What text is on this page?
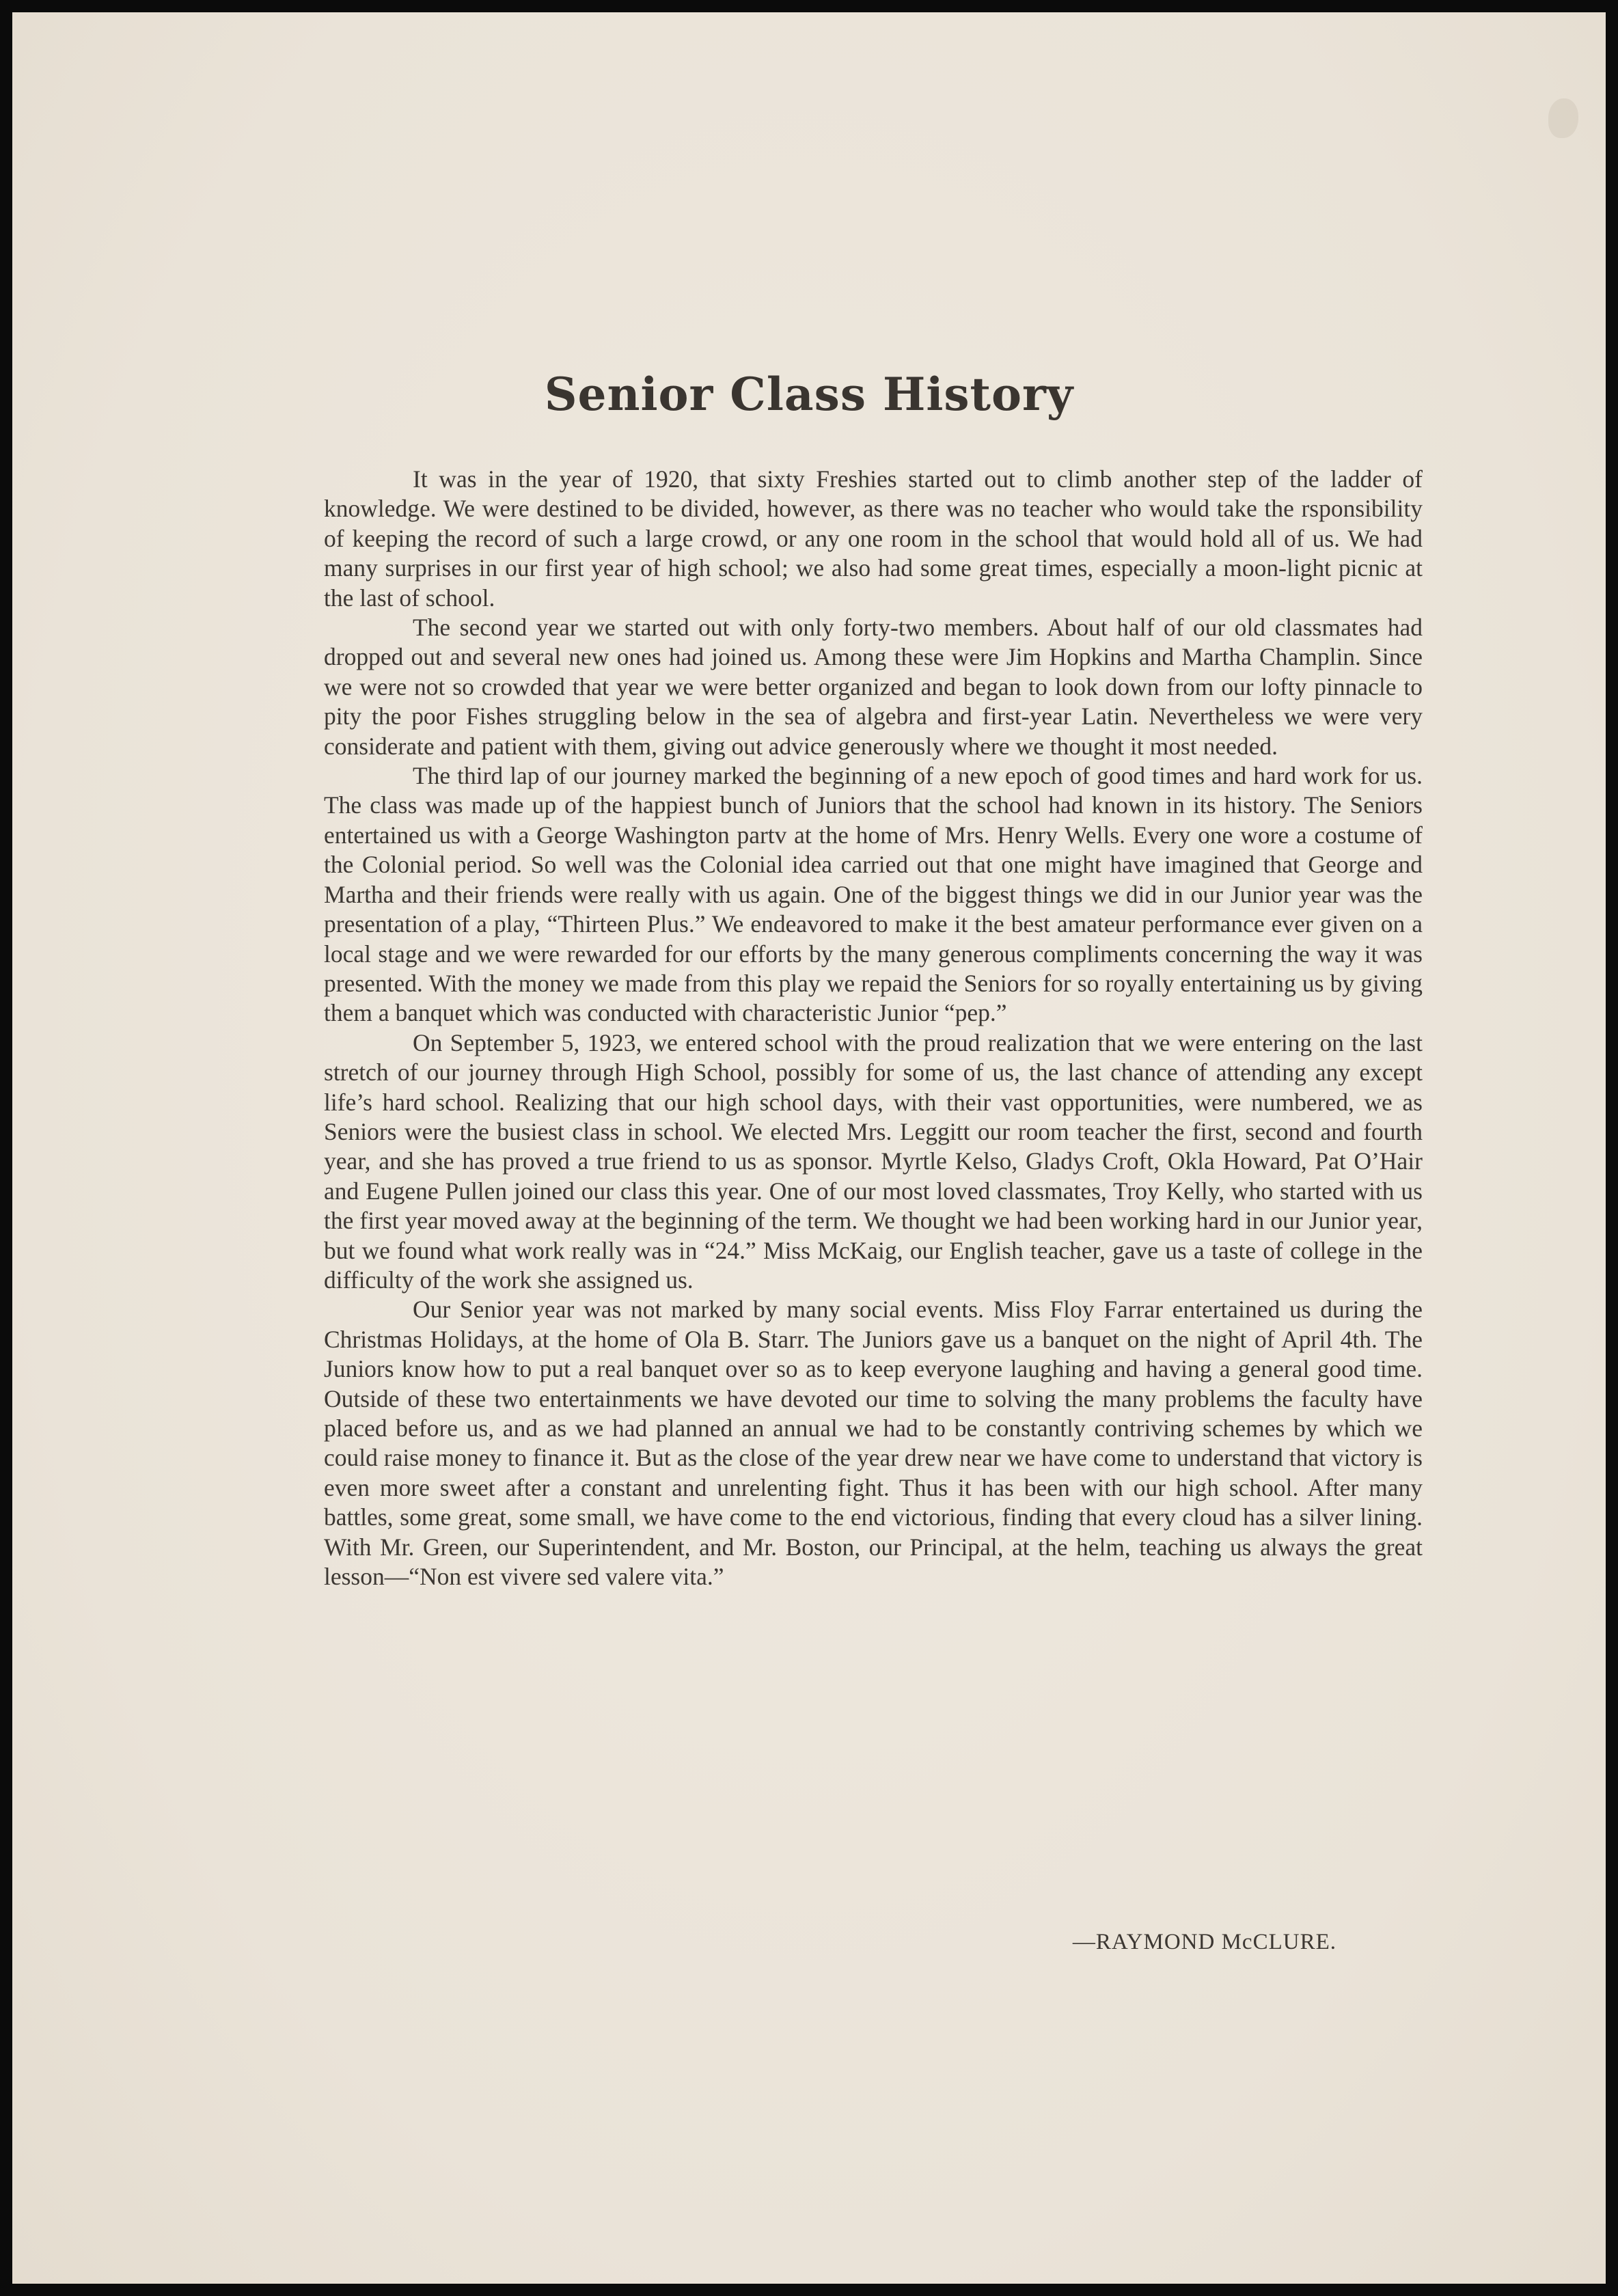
Senior Class History

It was in the year of 1920, that sixty Freshies started out to climb another step of the ladder of knowledge. We were destined to be divided, however, as there was no teacher who would take the rsponsibility of keeping the record of such a large crowd, or any one room in the school that would hold all of us. We had many surprises in our first year of high school; we also had some great times, especially a moon-light picnic at the last of school.

The second year we started out with only forty-two members. About half of our old classmates had dropped out and several new ones had joined us. Among these were Jim Hopkins and Martha Champlin. Since we were not so crowded that year we were better organized and began to look down from our lofty pinnacle to pity the poor Fishes struggling below in the sea of algebra and first-year Latin. Nevertheless we were very considerate and patient with them, giving out advice generously where we thought it most needed.

The third lap of our journey marked the beginning of a new epoch of good times and hard work for us. The class was made up of the happiest bunch of Juniors that the school had known in its history. The Seniors entertained us with a George Washington partv at the home of Mrs. Henry Wells. Every one wore a costume of the Colonial period. So well was the Colonial idea carried out that one might have imagined that George and Martha and their friends were really with us again. One of the biggest things we did in our Junior year was the presentation of a play, “Thirteen Plus.” We endeavored to make it the best amateur performance ever given on a local stage and we were rewarded for our efforts by the many generous compliments concerning the way it was presented. With the money we made from this play we repaid the Seniors for so royally entertaining us by giving them a banquet which was conducted with characteristic Junior “pep.”

On September 5, 1923, we entered school with the proud realization that we were entering on the last stretch of our journey through High School, possibly for some of us, the last chance of attending any except life’s hard school. Realizing that our high school days, with their vast opportunities, were numbered, we as Seniors were the busiest class in school. We elected Mrs. Leggitt our room teacher the first, second and fourth year, and she has proved a true friend to us as sponsor. Myrtle Kelso, Gladys Croft, Okla Howard, Pat O’Hair and Eugene Pullen joined our class this year. One of our most loved classmates, Troy Kelly, who started with us the first year moved away at the beginning of the term. We thought we had been working hard in our Junior year, but we found what work really was in “24.” Miss McKaig, our English teacher, gave us a taste of college in the difficulty of the work she assigned us.

Our Senior year was not marked by many social events. Miss Floy Farrar entertained us during the Christmas Holidays, at the home of Ola B. Starr. The Juniors gave us a banquet on the night of April 4th. The Juniors know how to put a real banquet over so as to keep everyone laughing and having a general good time. Outside of these two entertainments we have devoted our time to solving the many problems the faculty have placed before us, and as we had planned an annual we had to be constantly contriving schemes by which we could raise money to finance it. But as the close of the year drew near we have come to understand that victory is even more sweet after a constant and unrelenting fight. Thus it has been with our high school. After many battles, some great, some small, we have come to the end victorious, finding that every cloud has a silver lining. With Mr. Green, our Superintendent, and Mr. Boston, our Principal, at the helm, teaching us always the great lesson—“Non est vivere sed valere vita.”

—RAYMOND McCLURE.
